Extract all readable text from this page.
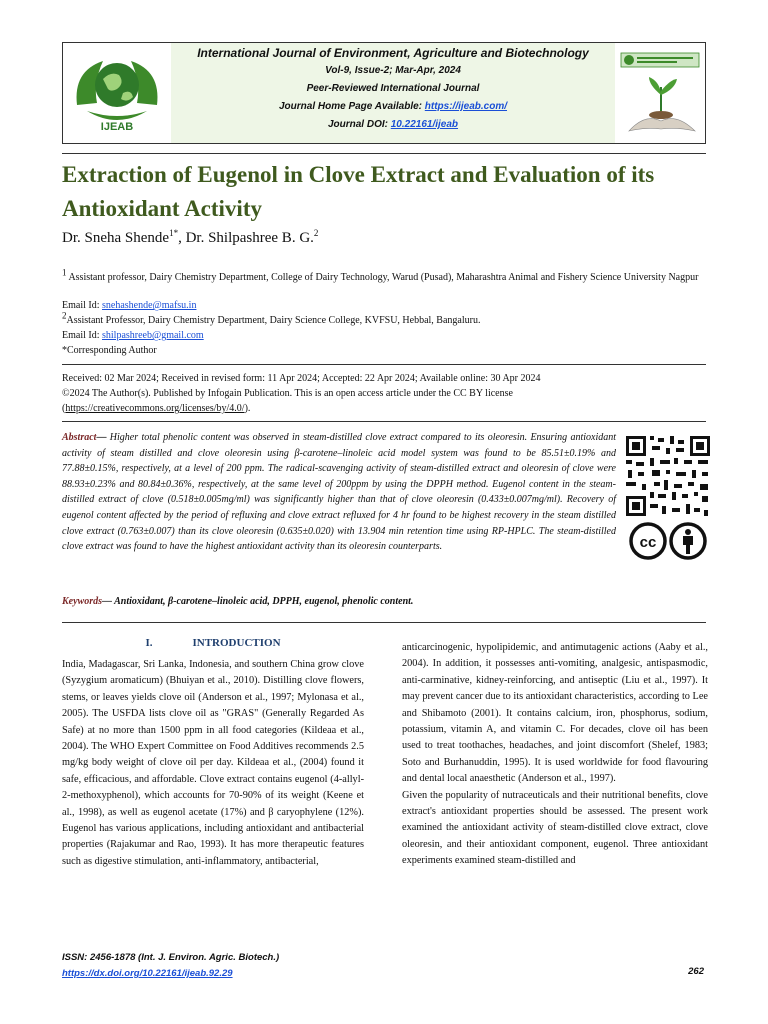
IJEAB
International Journal of Environment, Agriculture and Biotechnology
Vol-9, Issue-2; Mar-Apr, 2024
Peer-Reviewed International Journal
Journal Home Page Available: https://ijeab.com/
Journal DOI: 10.22161/ijeab
Extraction of Eugenol in Clove Extract and Evaluation of its Antioxidant Activity
Dr. Sneha Shende$^{1*}$, Dr. Shilpashree B. G.$^2$
$^1$ Assistant professor, Dairy Chemistry Department, College of Dairy Technology, Warud (Pusad), Maharashtra Animal and Fishery Science University Nagpur
Email Id: snehashende@mafsu.in
$^2$Assistant Professor, Dairy Chemistry Department, Dairy Science College, KVFSU, Hebbal, Bangaluru.
Email Id: shilpashreeb@gmail.com
*Corresponding Author
Received: 02 Mar 2024; Received in revised form: 11 Apr 2024; Accepted: 22 Apr 2024; Available online: 30 Apr 2024
©2024 The Author(s). Published by Infogain Publication. This is an open access article under the CC BY license
(https://creativecommons.org/licenses/by/4.0/).
Abstract— Higher total phenolic content was observed in steam-distilled clove extract compared to its oleoresin. Ensuring antioxidant activity of steam distilled and clove oleoresin using β-carotene–linoleic acid model system was found to be 85.51±0.19% and 77.88±0.15%, respectively, at a level of 200 ppm. The radical-scavenging activity of steam-distilled extract and oleoresin of clove were 88.93±0.23% and 80.84±0.36%, respectively, at the same level of 200ppm by using the DPPH method. Eugenol content in the steam-distilled extract of clove (0.518±0.005mg/ml) was significantly higher than that of clove oleoresin (0.433±0.007mg/ml). Recovery of eugenol content affected by the period of refluxing and clove extract refluxed for 4 hr found to be highest recovery in the steam distilled clove extract (0.763±0.007) than its clove oleoresin (0.635±0.020) with 13.904 min retention time using RP-HPLC. The steam-distilled clove extract was found to have the highest antioxidant activity than its oleoresin counterparts.	cc
Keywords— Antioxidant, β-carotene–linoleic acid, DPPH, eugenol, phenolic content.
I.	INTRODUCTION
India, Madagascar, Sri Lanka, Indonesia, and southern China grow clove (Syzygium aromaticum) (Bhuiyan et al., 2010). Distilling clove flowers, stems, or leaves yields clove oil (Anderson et al., 1997; Mylonasa et al., 2005). The USFDA lists clove oil as "GRAS" (Generally Regarded As Safe) at no more than 1500 ppm in all food categories (Kildeaa et al., 2004). The WHO Expert Committee on Food Additives recommends 2.5 mg/kg body weight of clove oil per day. Kildeaa et al., (2004) found it safe, efficacious, and affordable. Clove extract contains eugenol (4-allyl-2-methoxyphenol), which accounts for 70-90% of its weight (Keene et al., 1998), as well as eugenol acetate (17%) and β caryophylene (12%). Eugenol has various applications, including antioxidant and antibacterial properties (Rajakumar and Rao, 1993). It has more therapeutic features such as digestive stimulation, anti-inflammatory, antibacterial,
anticarcinogenic, hypolipidemic, and antimutagenic actions (Aaby et al., 2004). In addition, it possesses anti-vomiting, analgesic, antispasmodic, anti-carminative, kidney-reinforcing, and antiseptic (Liu et al., 1997). It may prevent cancer due to its antioxidant characteristics, according to Lee and Shibamoto (2001). It contains calcium, iron, phosphorus, sodium, potassium, vitamin A, and vitamin C. For decades, clove oil has been used to treat toothaches, headaches, and joint discomfort (Shelef, 1983; Soto and Burhanuddin, 1995). It is used worldwide for food flavouring and dental local anaesthetic (Anderson et al., 1997).
Given the popularity of nutraceuticals and their nutritional benefits, clove extract's antioxidant properties should be assessed. The present work examined the antioxidant activity of steam-distilled clove extract, clove oleoresin, and their antioxidant component, eugenol. Three antioxidant experiments examined steam-distilled and
ISSN: 2456-1878 (Int. J. Environ. Agric. Biotech.)
https://dx.doi.org/10.22161/ijeab.92.29	262
